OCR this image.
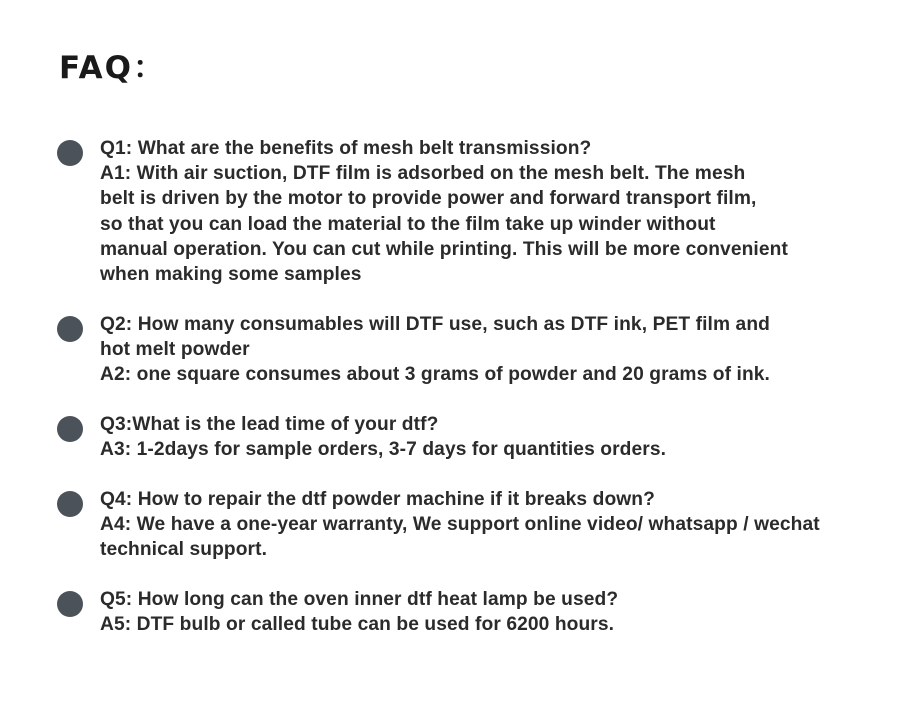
FAQ：
Q1: What are the benefits of mesh belt transmission?
A1: With air suction, DTF film is adsorbed on the mesh belt. The mesh
belt is driven by the motor to provide power and forward transport film,
so that you can load the material to the film take up winder without
manual operation. You can cut while printing. This will be more convenient
when making some samples
Q2: How many consumables will DTF use, such as DTF ink, PET film and
hot melt powder
A2: one square consumes about 3 grams of powder and 20 grams of ink.
Q3:What is the lead time of your dtf?
A3: 1-2days for sample orders, 3-7 days for quantities orders.
Q4: How to repair the dtf powder machine if it breaks down?
A4: We have a one-year warranty, We support online video/ whatsapp / wechat
technical support.
Q5: How long can the oven inner dtf heat lamp be used?
A5: DTF bulb or called tube can be used for 6200 hours.
